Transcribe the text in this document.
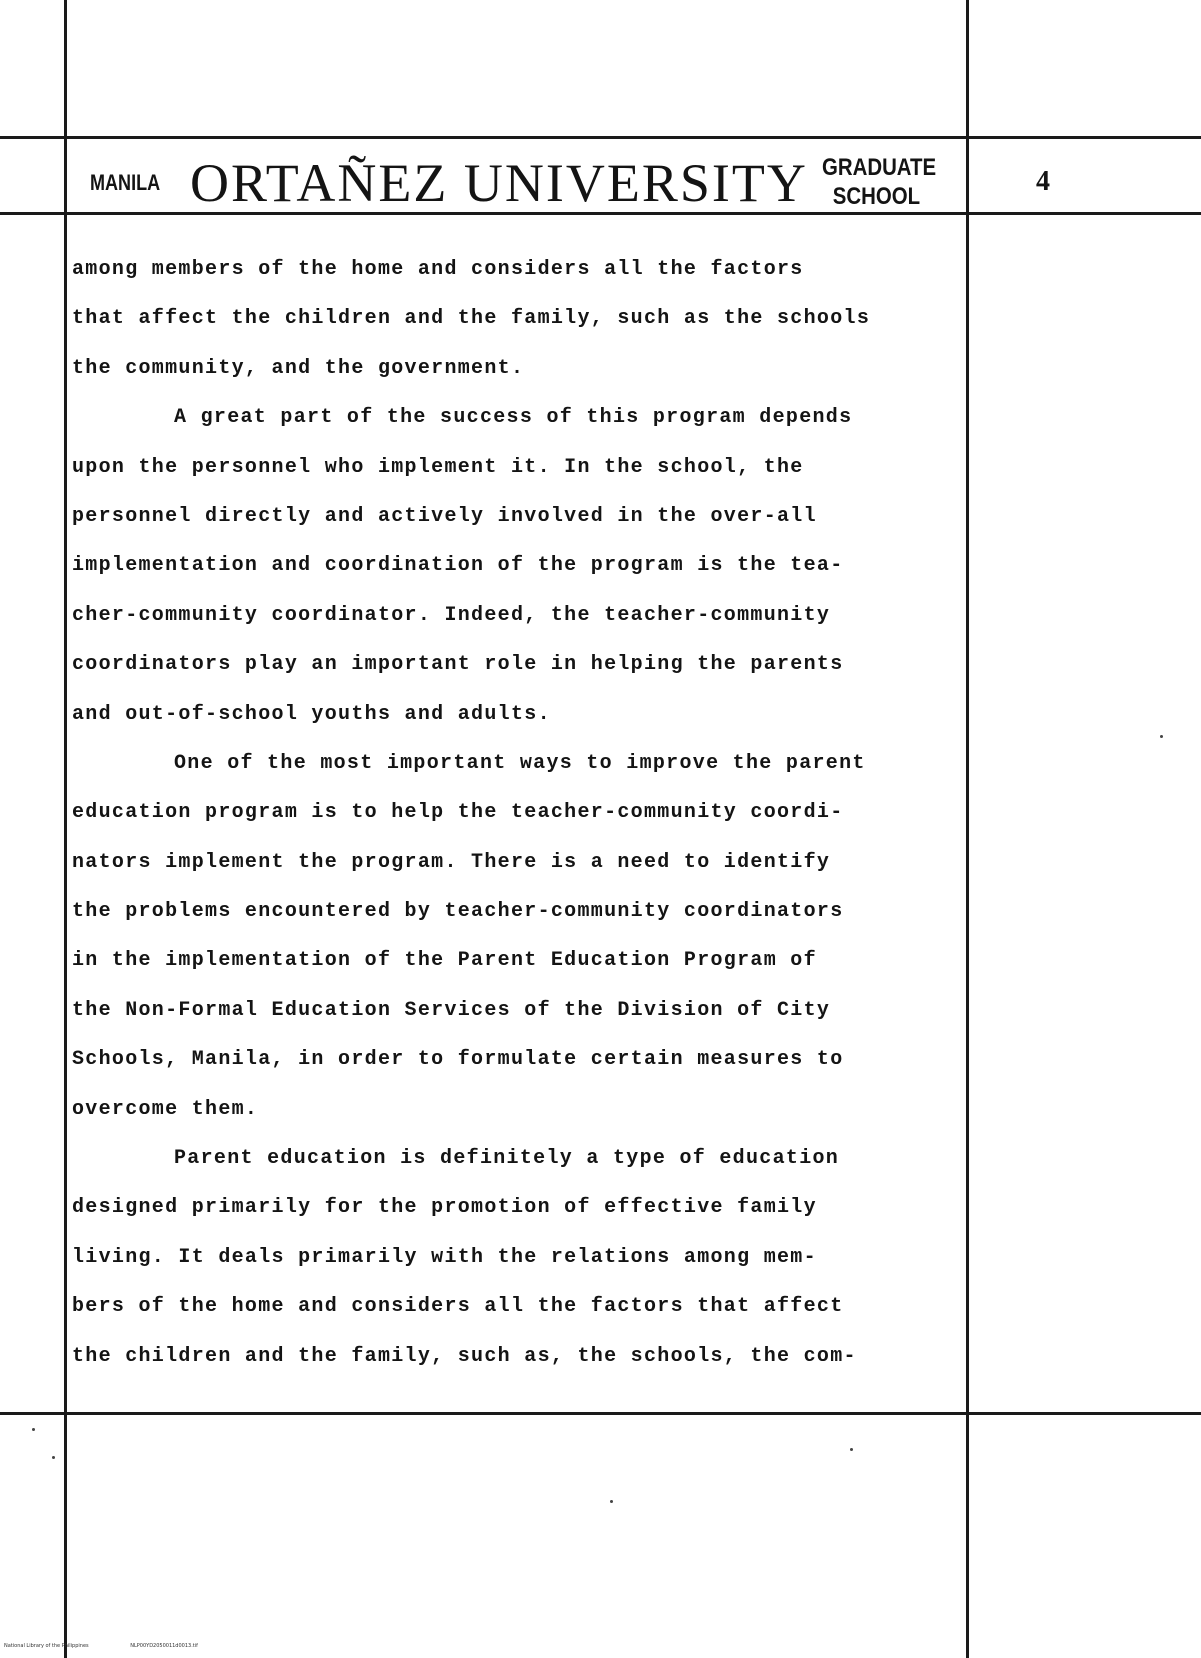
MANILA ORTAÑEZ UNIVERSITY GRADUATE
SCHOOL	4
among members of the home and considers all the factors
that affect the children and the family, such as the schools
the community, and the government.
A great part of the success of this program depends
upon the personnel who implement it. In the school, the
personnel directly and actively involved in the over-all
implementation and coordination of the program is the tea-
cher-community coordinator. Indeed, the teacher-community
coordinators play an important role in helping the parents
and out-of-school youths and adults.
One of the most important ways to improve the parent
education program is to help the teacher-community coordi-
nators implement the program. There is a need to identify
the problems encountered by teacher-community coordinators
in the implementation of the Parent Education Program of
the Non-Formal Education Services of the Division of City
Schools, Manila, in order to formulate certain measures to
overcome them.
Parent education is definitely a type of education
designed primarily for the promotion of effective family
living. It deals primarily with the relations among mem-
bers of the home and considers all the factors that affect
the children and the family, such as, the schools, the com-
National Library of the Philippines	NLP00YD2050011d0013.tif
